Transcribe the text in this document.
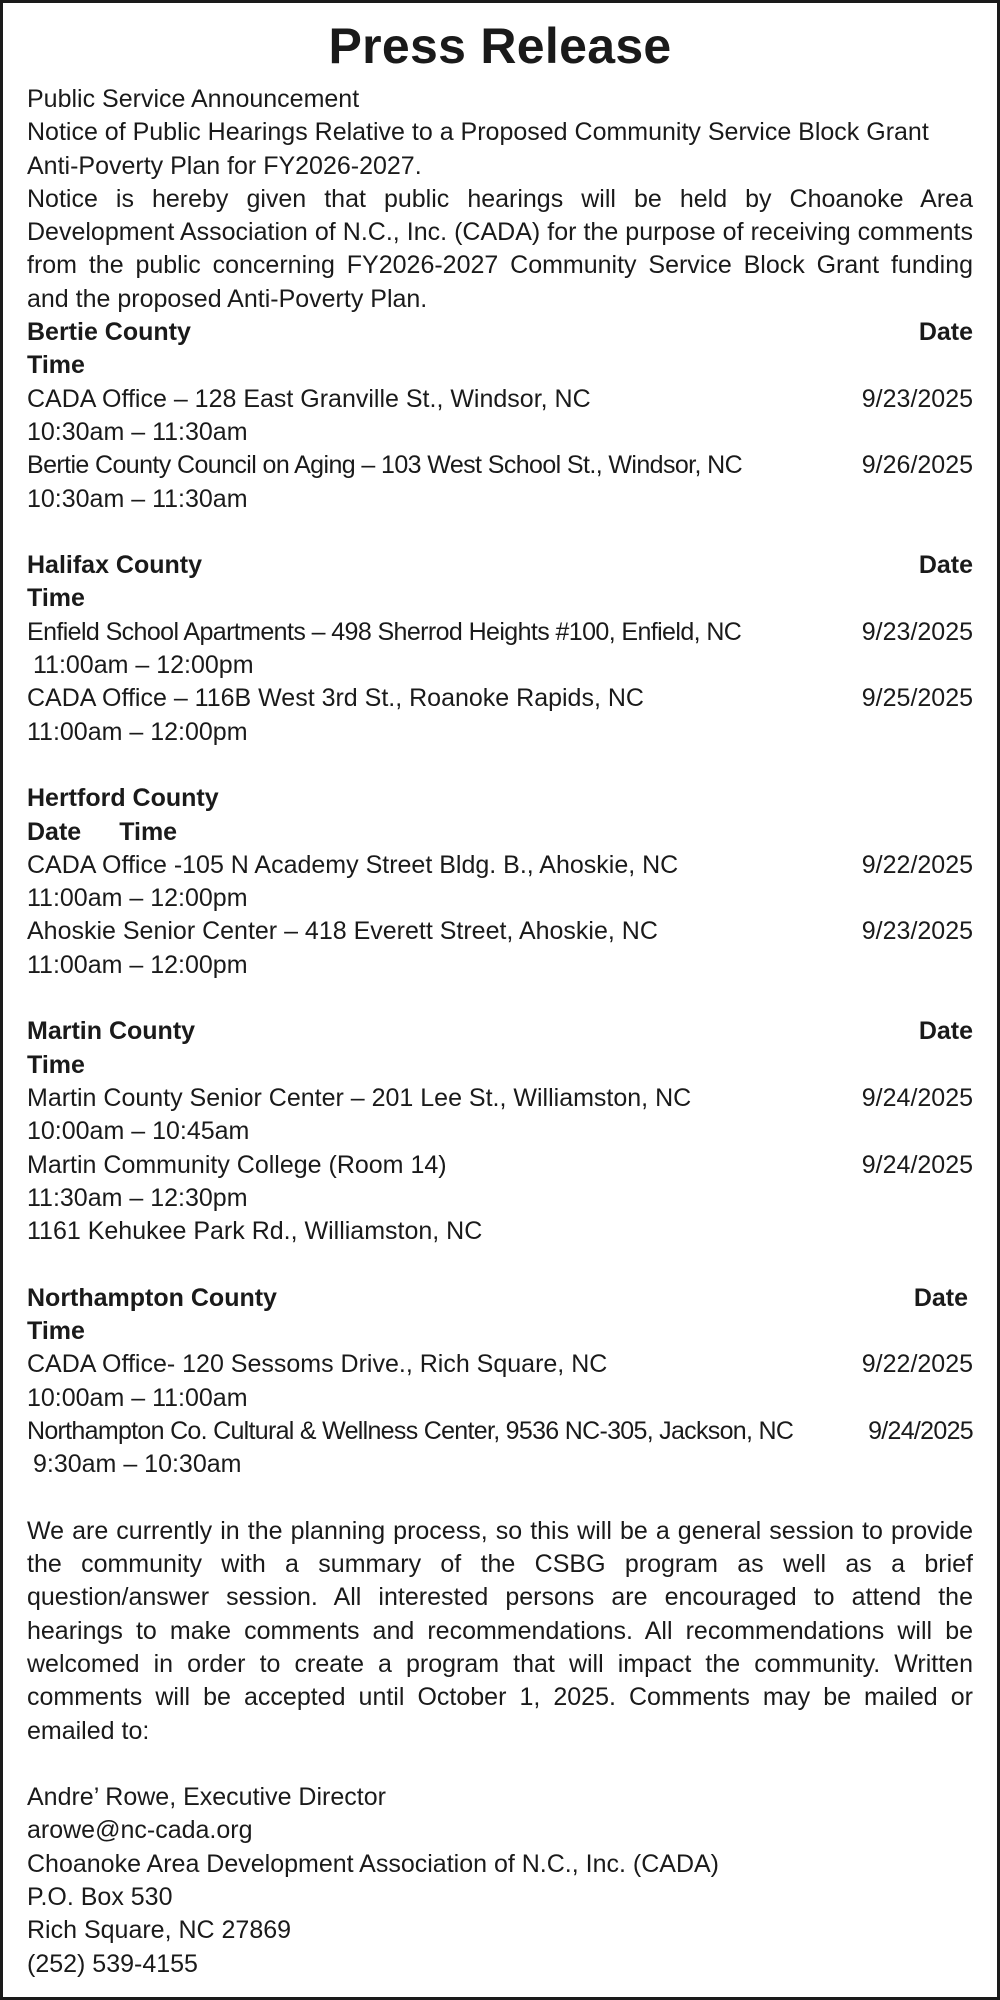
Press Release
Public Service Announcement
Notice of Public Hearings Relative to a Proposed Community Service Block Grant Anti-Poverty Plan for FY2026-2027.
Notice is hereby given that public hearings will be held by Choanoke Area Development Association of N.C., Inc. (CADA) for the purpose of receiving comments from the public concerning FY2026-2027 Community Service Block Grant funding and the proposed Anti-Poverty Plan.
Bertie County	Date
Time
CADA Office – 128 East Granville St., Windsor, NC	9/23/2025
10:30am – 11:30am
Bertie County Council on Aging – 103 West School St., Windsor, NC	9/26/2025
10:30am – 11:30am
Halifax County	Date
Time
Enfield School Apartments – 498 Sherrod Heights #100, Enfield, NC	9/23/2025
11:00am – 12:00pm
CADA Office – 116B West 3rd St., Roanoke Rapids, NC	9/25/2025
11:00am – 12:00pm
Hertford County
Date Time
CADA Office -105 N Academy Street Bldg. B., Ahoskie, NC	9/22/2025
11:00am – 12:00pm
Ahoskie Senior Center – 418 Everett Street, Ahoskie, NC	9/23/2025
11:00am – 12:00pm
Martin County	Date
Time
Martin County Senior Center – 201 Lee St., Williamston, NC	9/24/2025
10:00am – 10:45am
Martin Community College (Room 14)	9/24/2025
11:30am – 12:30pm
1161 Kehukee Park Rd., Williamston, NC
Northampton County	Date
Time
CADA Office- 120 Sessoms Drive., Rich Square, NC	9/22/2025
10:00am – 11:00am
Northampton Co. Cultural & Wellness Center, 9536 NC-305, Jackson, NC	9/24/2025
9:30am – 10:30am
We are currently in the planning process, so this will be a general session to provide the community with a summary of the CSBG program as well as a brief question/answer session. All interested persons are encouraged to attend the hearings to make comments and recommendations. All recommendations will be welcomed in order to create a program that will impact the community. Written comments will be accepted until October 1, 2025. Comments may be mailed or emailed to:
Andre’ Rowe, Executive Director
arowe@nc-cada.org
Choanoke Area Development Association of N.C., Inc. (CADA)
P.O. Box 530
Rich Square, NC 27869
(252) 539-4155
